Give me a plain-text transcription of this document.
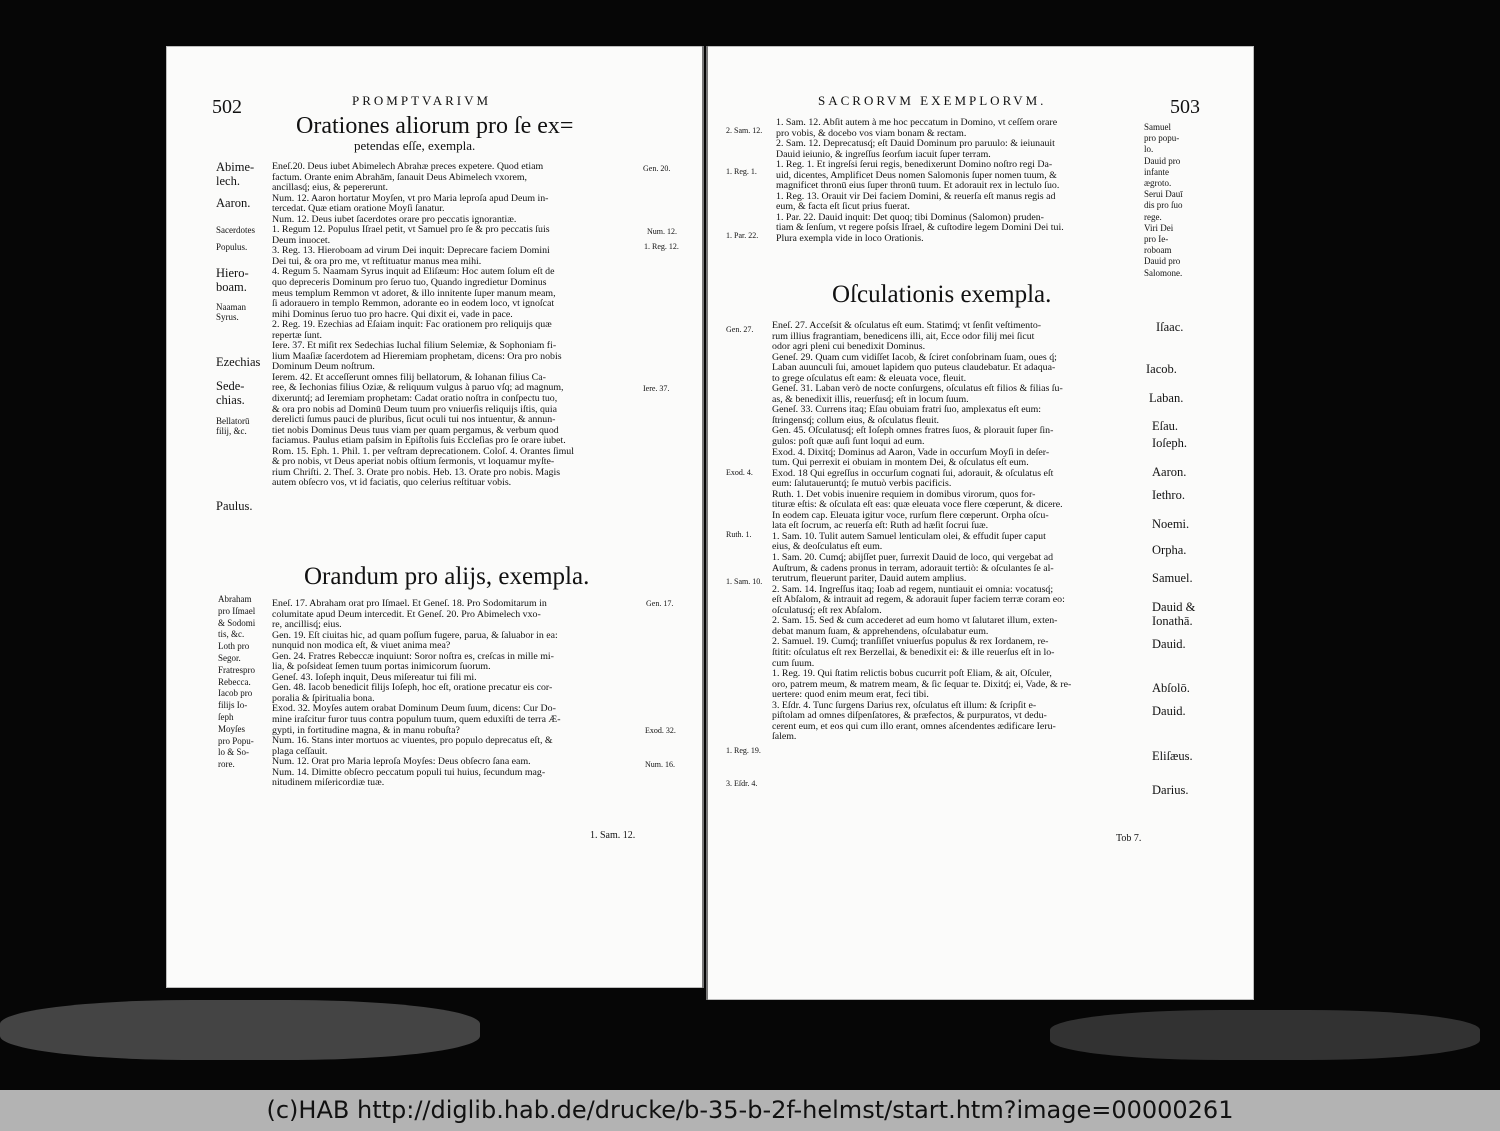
502	PROMPTVARIVM
Orationes aliorum pro ſe ex=
petendas eſſe, exempla.
Eneſ.20. Deus iubet Abimelech Abrahæ preces expetere. Quod etiam
factum. Orante enim Abrahām, ſanauit Deus Abimelech vxorem,
ancillasq́; eius, & pepererunt.
Num. 12. Aaron hortatur Moyſen, vt pro Maria leproſa apud Deum in-
tercedat. Quæ etiam oratione Moyſi ſanatur.
Num. 12. Deus iubet ſacerdotes orare pro peccatis ignorantiæ.
1. Regum 12. Populus Iſrael petit, vt Samuel pro ſe & pro peccatis ſuis
Deum inuocet.
3. Reg. 13. Hieroboam ad virum Dei inquit: Deprecare faciem Domini
Dei tui, & ora pro me, vt reſtituatur manus mea mihi.
4. Regum 5. Naamam Syrus inquit ad Eliſæum: Hoc autem ſolum eſt de
quo depreceris Dominum pro ſeruo tuo, Quando ingredietur Dominus
meus templum Remmon vt adoret, & illo innitente ſuper manum meam,
ſi adorauero in templo Remmon, adorante eo in eodem loco, vt ignoſcat
mihi Dominus ſeruo tuo pro hacre. Qui dixit ei, vade in pace.
2. Reg. 19. Ezechias ad Eſaiam inquit: Fac orationem pro reliquijs quæ
repertæ ſunt.
Iere. 37. Et miſit rex Sedechias Iuchal filium Selemiæ, & Sophoniam fi-
lium Maaſiæ ſacerdotem ad Hieremiam prophetam, dicens: Ora pro nobis
Dominum Deum noſtrum.
Ierem. 42. Et acceſſerunt omnes filij bellatorum, & Iohanan filius Ca-
ree, & Iechonias filius Oziæ, & reliquum vulgus à paruo vſq; ad magnum,
dixeruntq́; ad Ieremiam prophetam: Cadat oratio noſtra in conſpectu tuo,
& ora pro nobis ad Dominū Deum tuum pro vniuerſis reliquijs iſtis, quia
derelicti ſumus pauci de pluribus, ſicut oculi tui nos intuentur, & annun-
tiet nobis Dominus Deus tuus viam per quam pergamus, & verbum quod
faciamus. Paulus etiam paſsim in Epiſtolis ſuis Eccleſias pro ſe orare iubet.
Rom. 15. Eph. 1. Phil. 1. per veſtram deprecationem. Coloſ. 4. Orantes ſimul
& pro nobis, vt Deus aperiat nobis oſtium ſermonis, vt loquamur myſte-
rium Chriſti. 2. Theſ. 3. Orate pro nobis. Heb. 13. Orate pro nobis. Magis
autem obſecro vos, vt id faciatis, quo celerius reſtituar vobis.
Abime-
lech.
Aaron.
Sacerdotes
Populus.
Hiero-
boam.
Naaman
Syrus.
Ezechias
Sede-
chias.
Bellatorū
filij, &c.
Paulus.
Gen. 20.
Num. 12.
1. Reg. 12.
Iere. 37.
Orandum pro alijs, exempla.
Eneſ. 17. Abraham orat pro Iſmael. Et Geneſ. 18. Pro Sodomitarum in
columitate apud Deum intercedit. Et Geneſ. 20. Pro Abimelech vxo-
re, ancillisq́; eius.
Gen. 19. Eſt ciuitas hic, ad quam poſſum fugere, parua, & ſaluabor in ea:
nunquid non modica eſt, & viuet anima mea?
Gen. 24. Fratres Rebeccæ inquiunt: Soror noſtra es, creſcas in mille mi-
lia, & poſsideat ſemen tuum portas inimicorum ſuorum.
Geneſ. 43. Ioſeph inquit, Deus miſereatur tui fili mi.
Gen. 48. Iacob benedicit filijs Ioſeph, hoc eſt, oratione precatur eis cor-
poralia & ſpiritualia bona.
Exod. 32. Moyſes autem orabat Dominum Deum ſuum, dicens: Cur Do-
mine iraſcitur furor tuus contra populum tuum, quem eduxiſti de terra Æ-
gypti, in fortitudine magna, & in manu robuſta?
Num. 16. Stans inter mortuos ac viuentes, pro populo deprecatus eſt, &
plaga ceſſauit.
Num. 12. Orat pro Maria leproſa Moyſes: Deus obſecro ſana eam.
Num. 14. Dimitte obſecro peccatum populi tui huius, ſecundum mag-
nitudinem miſericordiæ tuæ.
Abraham
pro Iſmael
& Sodomi
tis, &c.
Loth pro
Segor.
Fratrespro
Rebecca.
Iacob pro
filijs Io-
ſeph
Moyſes
pro Popu-
lo & So-
rore.
Gen. 17.
Exod. 32.
Num. 16.
1. Sam. 12.
SACRORVM EXEMPLORVM.	503
1. Sam. 12. Abſit autem à me hoc peccatum in Domino, vt ceſſem orare
pro vobis, & docebo vos viam bonam & rectam.
2. Sam. 12. Deprecatusq́; eſt Dauid Dominum pro paruulo: & ieiunauit
Dauid ieiunio, & ingreſſus ſeorſum iacuit ſuper terram.
1. Reg. 1. Et ingreſsi ſerui regis, benedixerunt Domino noſtro regi Da-
uid, dicentes, Amplificet Deus nomen Salomonis ſuper nomen tuum, &
magnificet thronū eius ſuper thronū tuum. Et adorauit rex in lectulo ſuo.
1. Reg. 13. Orauit vir Dei faciem Domini, & reuerſa eſt manus regis ad
eum, & facta eſt ſicut prius fuerat.
1. Par. 22. Dauid inquit: Det quoq; tibi Dominus (Salomon) pruden-
tiam & ſenſum, vt regere poſsis Iſrael, & cuſtodire legem Domini Dei tui.
Plura exempla vide in loco Orationis.
Samuel
pro popu-
lo.
Dauid pro
infante
ægroto.
Serui Dauī
dis pro ſuo
rege.
Viri Dei
pro Ie-
roboam
Dauid pro
Salomone.
2. Sam. 12.
1. Reg. 1.
1. Par. 22.
Oſculationis exempla.
Eneſ. 27. Acceſsit & oſculatus eſt eum. Statimq́; vt ſenſit veſtimento-
rum illius fragrantiam, benedicens illi, ait, Ecce odor filij mei ſicut
odor agri pleni cui benedixit Dominus.
Geneſ. 29. Quam cum vidiſſet Iacob, & ſciret conſobrinam ſuam, oues q́;
Laban auunculi ſui, amouet lapidem quo puteus claudebatur. Et adaqua-
to grege oſculatus eſt eam: & eleuata voce, fleuit.
Geneſ. 31. Laban verò de nocte conſurgens, oſculatus eſt filios & filias ſu-
as, & benedixit illis, reuerſusq́; eſt in locum ſuum.
Geneſ. 33. Currens itaq; Eſau obuiam fratri ſuo, amplexatus eſt eum:
ſtringensq́; collum eius, & oſculatus fleuit.
Gen. 45. Oſculatusq́; eſt Ioſeph omnes fratres ſuos, & plorauit ſuper ſin-
gulos: poſt quæ auſi ſunt loqui ad eum.
Exod. 4. Dixitq́; Dominus ad Aaron, Vade in occurſum Moyſi in deſer-
tum. Qui perrexit ei obuiam in montem Dei, & oſculatus eſt eum.
Exod. 18 Qui egreſſus in occurſum cognati ſui, adorauit, & oſculatus eſt
eum: ſalutaueruntq́; ſe mutuò verbis pacificis.
Ruth. 1. Det vobis inuenire requiem in domibus virorum, quos for-
tituræ eſtis: & oſculata eſt eas: quæ eleuata voce flere cœperunt, & dicere.
In eodem cap. Eleuata igitur voce, rurſum flere cœperunt. Orpha oſcu-
lata eſt ſocrum, ac reuerſa eſt: Ruth ad hæſit ſocrui ſuæ.
1. Sam. 10. Tulit autem Samuel lenticulam olei, & effudit ſuper caput
eius, & deoſculatus eſt eum.
1. Sam. 20. Cumq́; abijſſet puer, ſurrexit Dauid de loco, qui vergebat ad
Auſtrum, & cadens pronus in terram, adorauit tertiò: & oſculantes ſe al-
terutrum, fleuerunt pariter, Dauid autem amplius.
2. Sam. 14. Ingreſſus itaq; Ioab ad regem, nuntiauit ei omnia: vocatusq́;
eſt Abſalom, & intrauit ad regem, & adorauit ſuper faciem terræ coram eo:
oſculatusq́; eſt rex Abſalom.
2. Sam. 15. Sed & cum accederet ad eum homo vt ſalutaret illum, exten-
debat manum ſuam, & apprehendens, oſculabatur eum.
2. Samuel. 19. Cumq́; tranſiſſet vniuerſus populus & rex Iordanem, re-
ſtitit: oſculatus eſt rex Berzellai, & benedixit ei: & ille reuerſus eſt in lo-
cum ſuum.
1. Reg. 19. Qui ſtatim relictis bobus cucurrit poſt Eliam, & ait, Oſculer,
oro, patrem meum, & matrem meam, & ſic ſequar te. Dixitq́; ei, Vade, & re-
uertere: quod enim meum erat, feci tibi.
3. Eſdr. 4. Tunc ſurgens Darius rex, oſculatus eſt illum: & ſcripſit e-
piſtolam ad omnes diſpenſatores, & præfectos, & purpuratos, vt dedu-
cerent eum, et eos qui cum illo erant, omnes aſcendentes ædificare Ieru-
ſalem.
Gen. 27.
Exod. 4.
Ruth. 1.
1. Sam. 10.
1. Reg. 19.
3. Eſdr. 4.
Iſaac.
Iacob.
Laban.
Eſau.
Ioſeph.
Aaron.
Iethro.
Noemi.
Orpha.
Samuel.
Dauid &
Ionathā.
Dauid.
Abſolō.
Dauid.
Eliſæus.
Darius.
Tob 7.
(c)HAB http://diglib.hab.de/drucke/b-35-b-2f-helmst/start.htm?image=00000261
